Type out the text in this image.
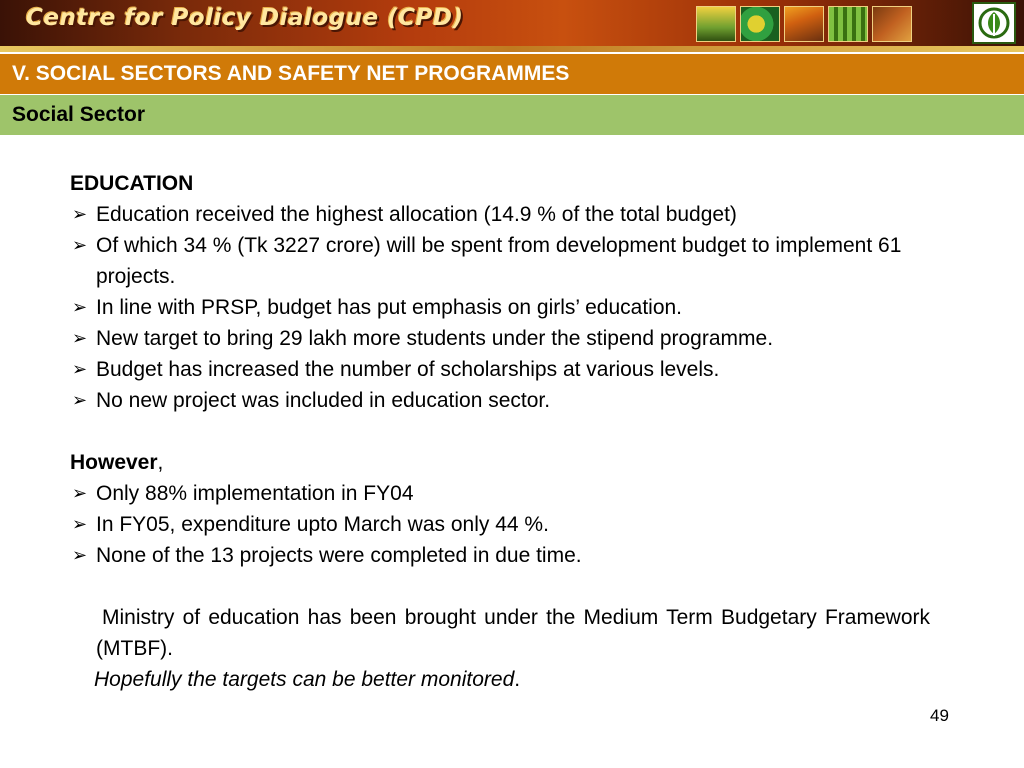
Centre for Policy Dialogue (CPD)
V. SOCIAL SECTORS AND SAFETY NET PROGRAMMES
Social Sector
EDUCATION
➢ Education received the highest allocation (14.9 % of the total budget)
➢ Of which 34 % (Tk 3227 crore) will be spent from development budget to implement 61 projects.
➢ In line with PRSP, budget has put emphasis on girls’ education.
➢ New target to bring 29 lakh more students under the stipend programme.
➢ Budget has increased the number of scholarships at various levels.
➢ No new project was included in education sector.
However,
➢ Only 88% implementation in FY04
➢ In FY05, expenditure upto March was only 44 %.
➢ None of the 13 projects were completed in due time.
Ministry of education has been brought under the Medium Term Budgetary Framework (MTBF).
Hopefully the targets can be better monitored.
49
